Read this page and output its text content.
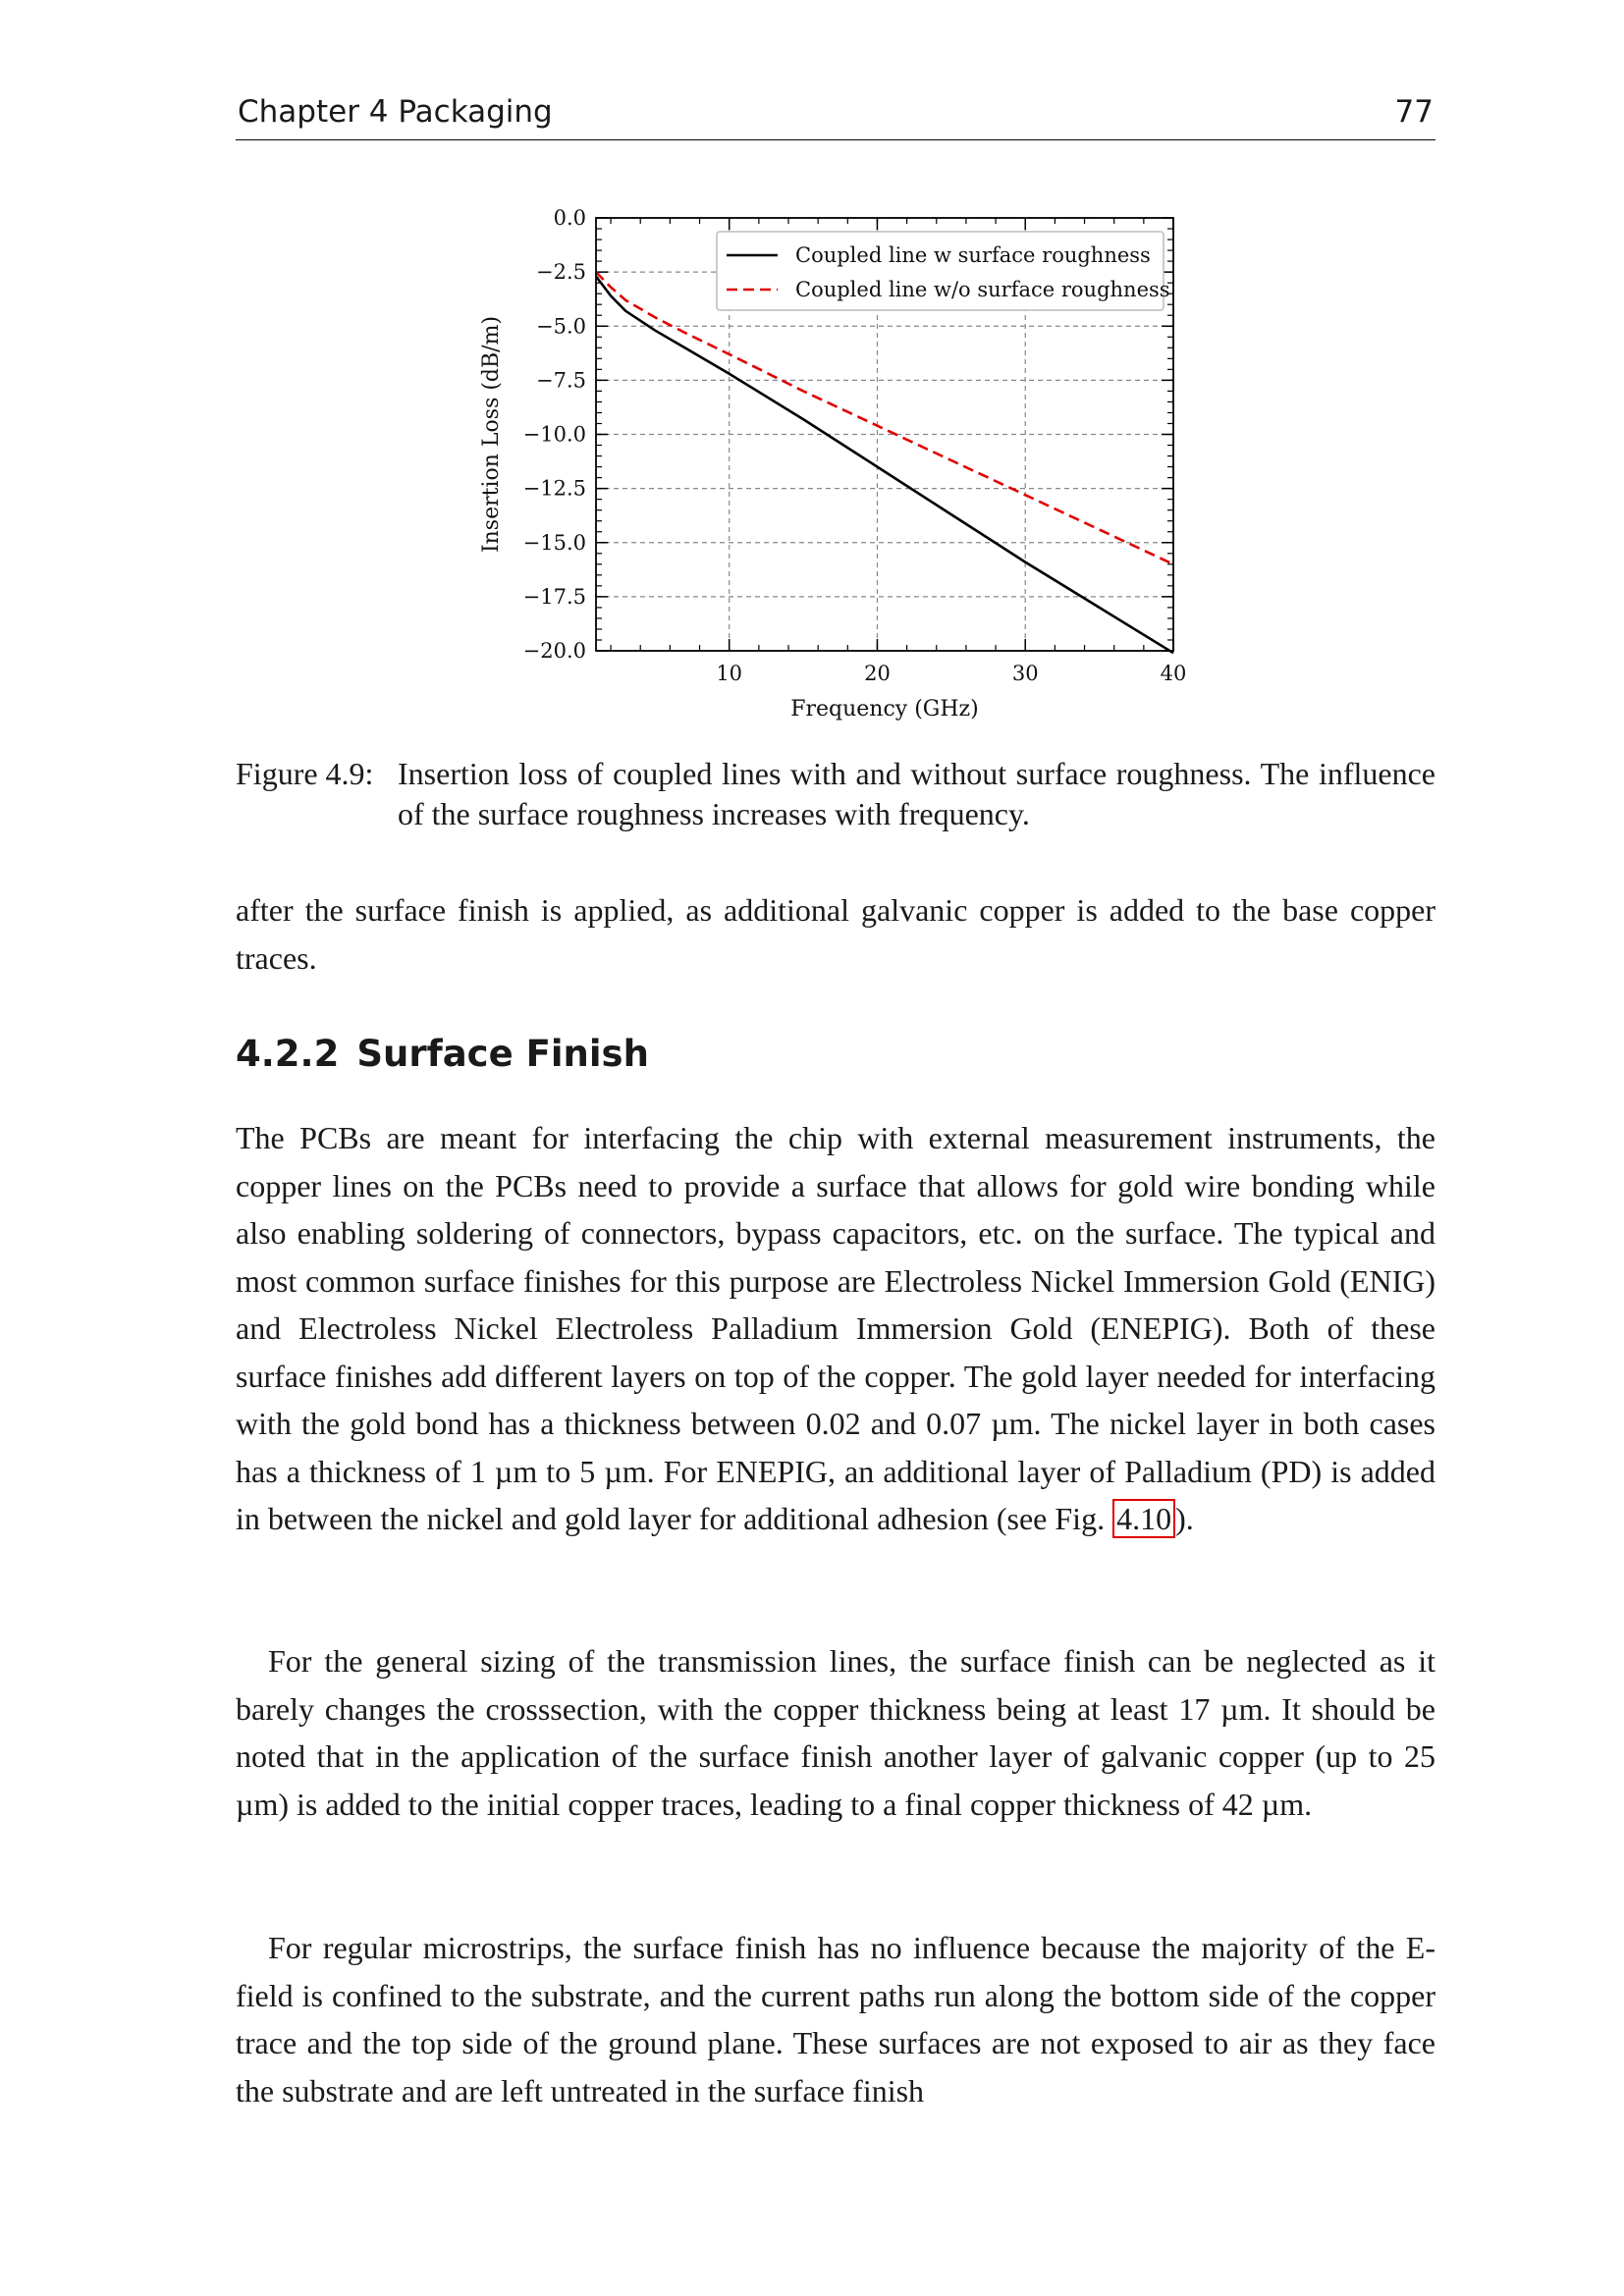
Chapter 4 Packaging	77
10	20	30	40
0.0
−2.5
−5.0
−7.5
−10.0
−12.5
−15.0
−17.5
−20.0
Frequency (GHz)
Insertion Loss (dB/m)
Coupled line w surface roughness
Coupled line w/o surface roughness
Figure 4.9: Insertion loss of coupled lines with and without surface roughness. The influence of the surface roughness increases with frequency.

after the surface finish is applied, as additional galvanic copper is added to the base copper traces.

4.2.2 Surface Finish

The PCBs are meant for interfacing the chip with external measurement instruments, the copper lines on the PCBs need to provide a surface that allows for gold wire bonding while also enabling soldering of connectors, bypass capacitors, etc. on the surface. The typical and most common surface finishes for this purpose are Electroless Nickel Immersion Gold (ENIG) and Electroless Nickel Electroless Palladium Immersion Gold (ENEPIG). Both of these surface finishes add different layers on top of the copper. The gold layer needed for interfacing with the gold bond has a thickness between 0.02 and 0.07 µm. The nickel layer in both cases has a thickness of 1 µm to 5 µm. For ENEPIG, an additional layer of Palladium (PD) is added in between the nickel and gold layer for additional adhesion (see Fig. 4.10 ).

For the general sizing of the transmission lines, the surface finish can be neglected as it barely changes the crosssection, with the copper thickness being at least 17 µm. It should be noted that in the application of the surface finish another layer of galvanic copper (up to 25 µm) is added to the initial copper traces, leading to a final copper thickness of 42 µm.

For regular microstrips, the surface finish has no influence because the majority of the E-field is confined to the substrate, and the current paths run along the bottom side of the copper trace and the top side of the ground plane. These surfaces are not exposed to air as they face the substrate and are left untreated in the surface finish
